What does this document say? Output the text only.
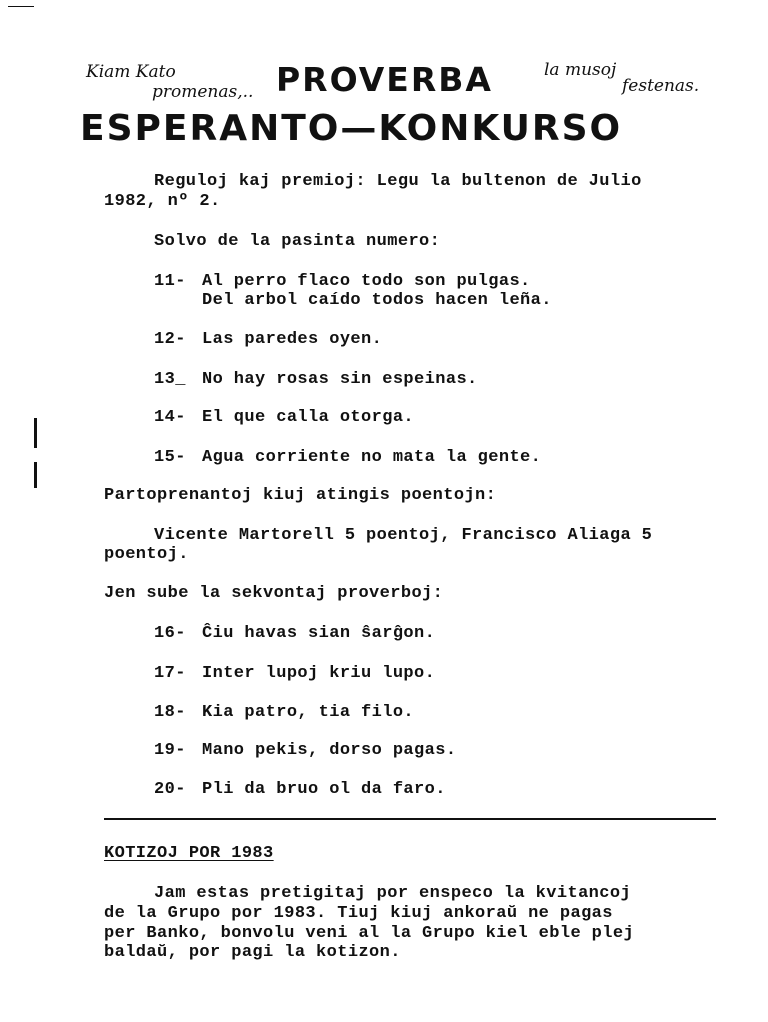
Kiam Kato
promenas,.. PROVERBA	la musoj
festenas.
ESPERANTO—KONKURSO
Reguloj kaj premioj: Legu la bultenon de Julio
1982, nº 2.
Solvo de la pasinta numero:
11- Al perro flaco todo son pulgas.
Del arbol caído todos hacen leña.
12- Las paredes oyen.
13_ No hay rosas sin espeinas.
14- El que calla otorga.
15- Agua corriente no mata la gente.
Partoprenantoj kiuj atingis poentojn:
Vicente Martorell 5 poentoj, Francisco Aliaga 5
poentoj.
Jen sube la sekvontaj proverboj:
16- Ĉiu havas sian ŝarĝon.
17- Inter lupoj kriu lupo.
18- Kia patro, tia filo.
19- Mano pekis, dorso pagas.
20- Pli da bruo ol da faro.
KOTIZOJ POR 1983
Jam estas pretigitaj por enspeco la kvitancoj
de la Grupo por 1983. Tiuj kiuj ankoraŭ ne pagas
per Banko, bonvolu veni al la Grupo kiel eble plej
baldaŭ, por pagi la kotizon.
